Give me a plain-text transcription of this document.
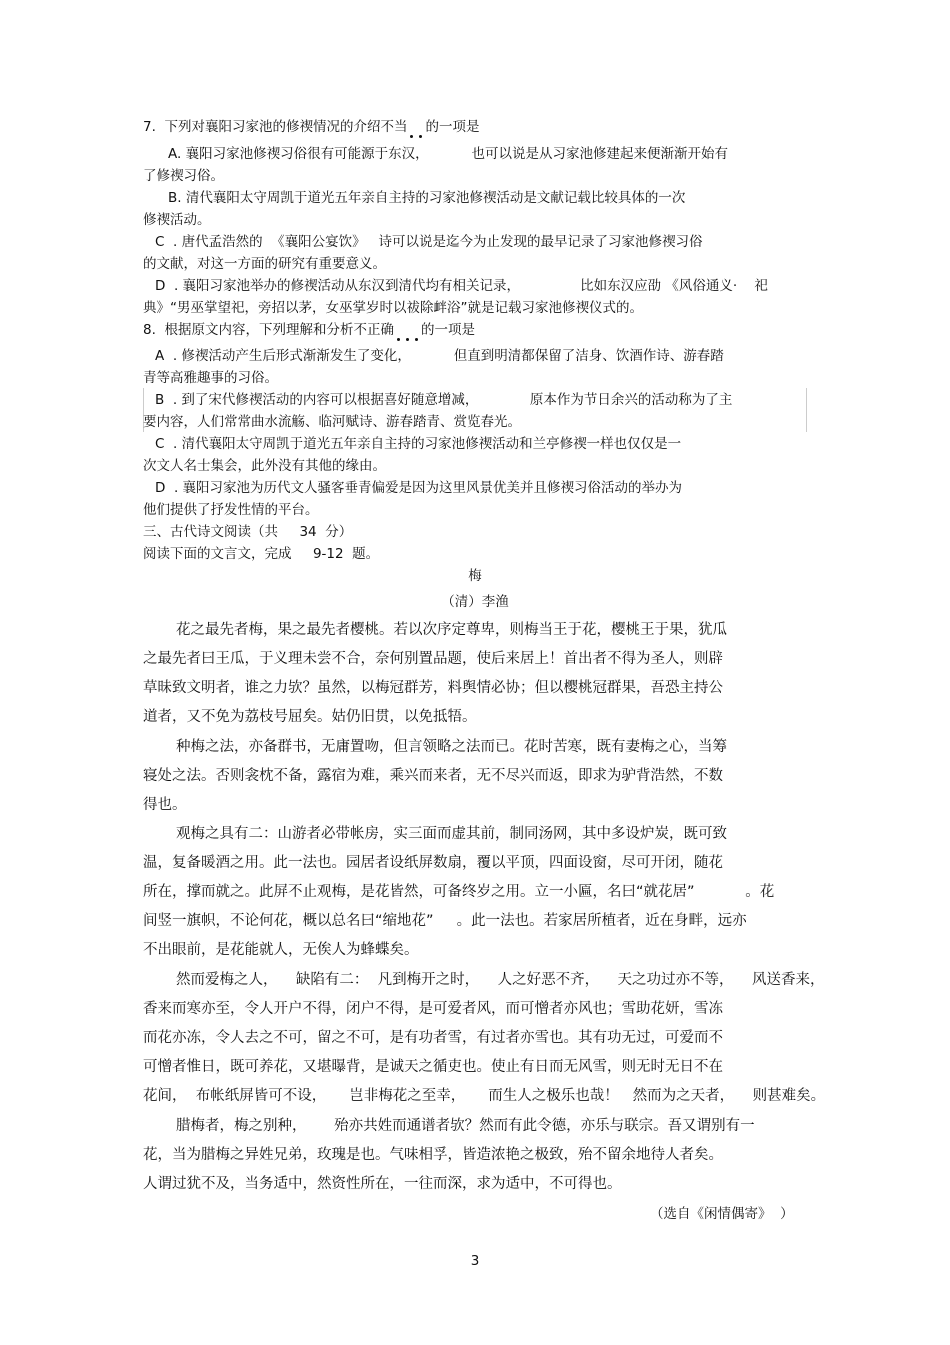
7.  下列对襄阳习家池的修禊情况的介绍不当 的一项是
A. 襄阳习家池修禊习俗很有可能源于东汉，          也可以说是从习家池修建起来便渐渐开始有
了修禊习俗。
B. 清代襄阳太守周凯于道光五年亲自主持的习家池修禊活动是文献记载比较具体的一次
修禊活动。
C  . 唐代孟浩然的  《襄阳公宴饮》   诗可以说是迄今为止发现的最早记录了习家池修禊习俗
的文献，对这一方面的研究有重要意义。
D  . 襄阳习家池举办的修禊活动从东汉到清代均有相关记录，              比如东汉应劭 《风俗通义·    祀
典》“男巫掌望祀，旁招以茅，女巫掌岁时以祓除衅浴”就是记载习家池修禊仪式的。
8.  根据原文内容，下列理解和分析不正确 的一项是
A  . 修禊活动产生后形式渐渐发生了变化，          但直到明清都保留了洁身、饮酒作诗、游春踏
青等高雅趣事的习俗。
B  . 到了宋代修禊活动的内容可以根据喜好随意增减，            原本作为节日余兴的活动称为了主
要内容，人们常常曲水流觞、临河赋诗、游春踏青、赏览春光。
C  . 清代襄阳太守周凯于道光五年亲自主持的习家池修禊活动和兰亭修禊一样也仅仅是一
次文人名士集会，此外没有其他的缘由。
D  . 襄阳习家池为历代文人骚客垂青偏爱是因为这里风景优美并且修禊习俗活动的举办为
他们提供了抒发性情的平台。
三、古代诗文阅读（共     34  分）
阅读下面的文言文，完成     9-12  题。
梅
（清）李渔
花之最先者梅，果之最先者樱桃。若以次序定尊卑，则梅当王于花，樱桃王于果，犹瓜
之最先者曰王瓜，于义理未尝不合，奈何别置品题，使后来居上！首出者不得为圣人，则辟
草昧致文明者，谁之力欤？虽然，以梅冠群芳，料舆情必协；但以樱桃冠群果，吾恐主持公
道者，又不免为荔枝号屈矣。姑仍旧贯，以免抵牾。
种梅之法，亦备群书，无庸置吻，但言领略之法而已。花时苦寒，既有妻梅之心，当筹
寝处之法。否则衾枕不备，露宿为难，乘兴而来者，无不尽兴而返，即求为驴背浩然，不数
得也。
观梅之具有二：山游者必带帐房，实三面而虚其前，制同汤网，其中多设炉炭，既可致
温，复备暖酒之用。此一法也。园居者设纸屏数扇，覆以平顶，四面设窗，尽可开闭，随花
所在，撑而就之。此屏不止观梅，是花皆然，可备终岁之用。立一小匾，名曰“就花居”           。花
间竖一旗帜，不论何花，概以总名曰“缩地花”     。此一法也。若家居所植者，近在身畔，远亦
不出眼前，是花能就人，无俟人为蜂蝶矣。
然而爱梅之人，    缺陷有二：  凡到梅开之时，    人之好恶不齐，    天之功过亦不等，    风送香来，
香来而寒亦至，令人开户不得，闭户不得，是可爱者风，而可憎者亦风也；雪助花妍，雪冻
而花亦冻，令人去之不可，留之不可，是有功者雪，有过者亦雪也。其有功无过，可爱而不
可憎者惟日，既可养花，又堪曝背，是诚天之循吏也。使止有日而无风雪，则无时无日不在
花间，  布帐纸屏皆可不设，     岂非梅花之至幸，     而生人之极乐也哉！   然而为之天者，    则甚难矣。
腊梅者，梅之别种，      殆亦共姓而通谱者欤？然而有此令德，亦乐与联宗。吾又谓别有一
花，当为腊梅之异姓兄弟，玫瑰是也。气味相孚，皆造浓艳之极致，殆不留余地待人者矣。
人谓过犹不及，当务适中，然资性所在，一往而深，求为适中，不可得也。
（选自《闲情偶寄》  ）
3
